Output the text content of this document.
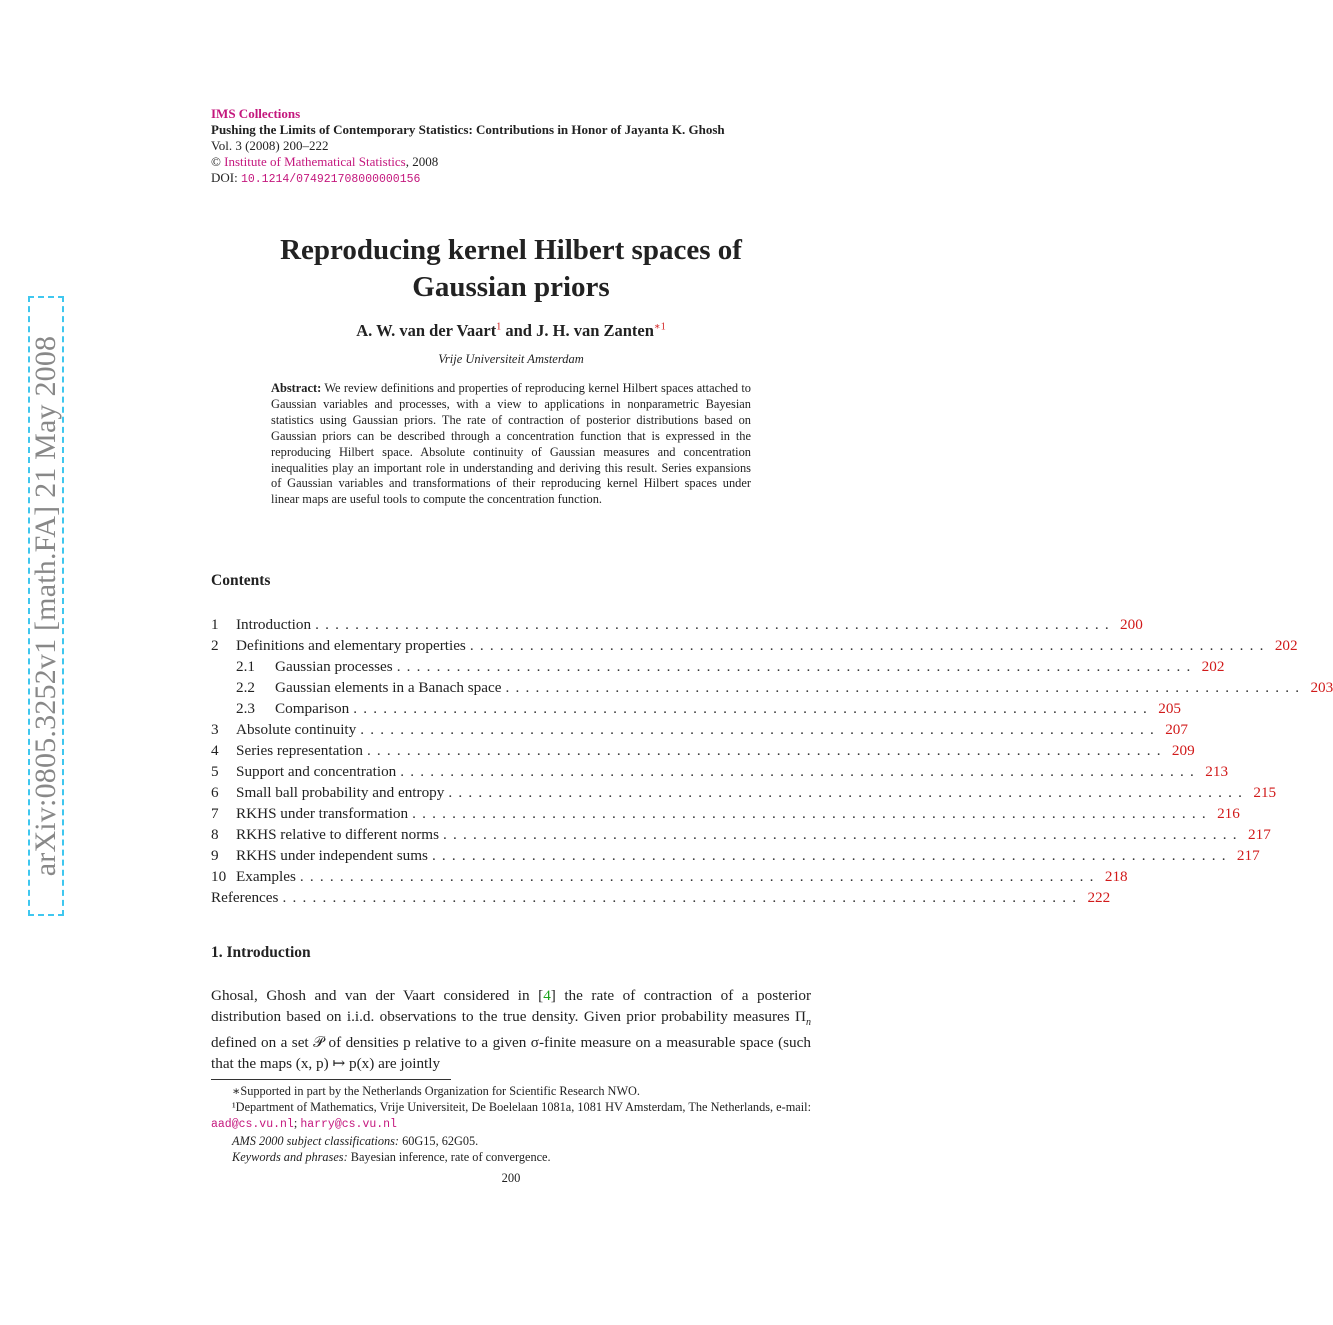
IMS Collections
Pushing the Limits of Contemporary Statistics: Contributions in Honor of Jayanta K. Ghosh
Vol. 3 (2008) 200–222
© Institute of Mathematical Statistics, 2008
DOI: 10.1214/074921708000000156
arXiv:0805.3252v1 [math.FA] 21 May 2008
Reproducing kernel Hilbert spaces of
Gaussian priors
A. W. van der Vaart$^1$ and J. H. van Zanten$^{∗1}$
Vrije Universiteit Amsterdam
Abstract: We review definitions and properties of reproducing kernel Hilbert spaces attached to Gaussian variables and processes, with a view to applications in nonparametric Bayesian statistics using Gaussian priors. The rate of contraction of posterior distributions based on Gaussian priors can be described through a concentration function that is expressed in the reproducing Hilbert space. Absolute continuity of Gaussian measures and concentration inequalities play an important role in understanding and deriving this result. Series expansions of Gaussian variables and transformations of their reproducing kernel Hilbert spaces under linear maps are useful tools to compute the concentration function.
Contents
1	Introduction ................................................................................ 200
2	Definitions and elementary properties ................................................................................ 202
2.1	Gaussian processes ................................................................................ 202
2.2	Gaussian elements in a Banach space ................................................................................ 203
2.3	Comparison ................................................................................ 205
3	Absolute continuity ................................................................................ 207
4	Series representation ................................................................................ 209
5	Support and concentration ................................................................................ 213
6	Small ball probability and entropy ................................................................................ 215
7	RKHS under transformation ................................................................................ 216
8	RKHS relative to different norms ................................................................................ 217
9	RKHS under independent sums ................................................................................ 217
10 Examples ................................................................................ 218
References ................................................................................ 222
1. Introduction
Ghosal, Ghosh and van der Vaart considered in [4] the rate of contraction of a posterior distribution based on i.i.d. observations to the true density. Given prior probability measures $\Pi_n$ defined on a set 𝒫 of densities p relative to a given σ-finite measure on a measurable space (such that the maps (x, p) ↦ p(x) are jointly

∗Supported in part by the Netherlands Organization for Scientific Research NWO.

¹Department of Mathematics, Vrije Universiteit, De Boelelaan 1081a, 1081 HV Amsterdam, The Netherlands, e-mail: aad@cs.vu.nl; harry@cs.vu.nl

AMS 2000 subject classifications: 60G15, 62G05.

Keywords and phrases: Bayesian inference, rate of convergence.

200
